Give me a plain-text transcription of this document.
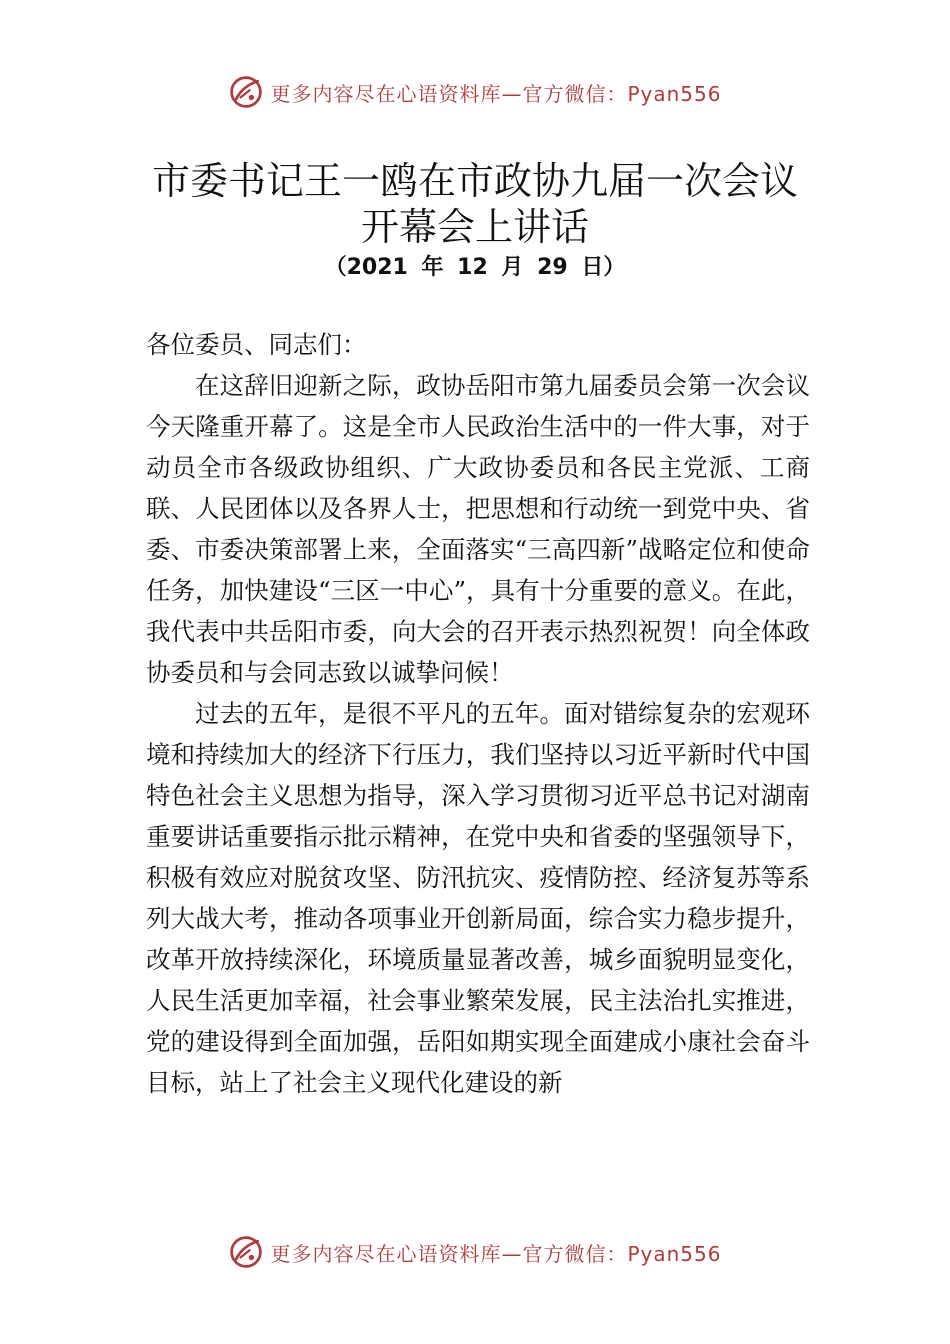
更多内容尽在心语资料库—官方微信：Pyan556
市委书记王一鸥在市政协九届一次会议开幕会上讲话
（2021 年 12 月 29 日）

各位委员、同志们：

在这辞旧迎新之际，政协岳阳市第九届委员会第一次会议今天隆重开幕了。这是全市人民政治生活中的一件大事，对于动员全市各级政协组织、广大政协委员和各民主党派、工商联、人民团体以及各界人士，把思想和行动统一到党中央、省委、市委决策部署上来，全面落实“三高四新”战略定位和使命任务，加快建设“三区一中心”，具有十分重要的意义。在此，我代表中共岳阳市委，向大会的召开表示热烈祝贺！向全体政协委员和与会同志致以诚挚问候！

过去的五年，是很不平凡的五年。面对错综复杂的宏观环境和持续加大的经济下行压力，我们坚持以习近平新时代中国特色社会主义思想为指导，深入学习贯彻习近平总书记对湖南重要讲话重要指示批示精神，在党中央和省委的坚强领导下，积极有效应对脱贫攻坚、防汛抗灾、疫情防控、经济复苏等系列大战大考，推动各项事业开创新局面，综合实力稳步提升，改革开放持续深化，环境质量显著改善，城乡面貌明显变化，人民生活更加幸福，社会事业繁荣发展，民主法治扎实推进，党的建设得到全面加强，岳阳如期实现全面建成小康社会奋斗目标，站上了社会主义现代化建设的新

更多内容尽在心语资料库—官方微信：Pyan556
